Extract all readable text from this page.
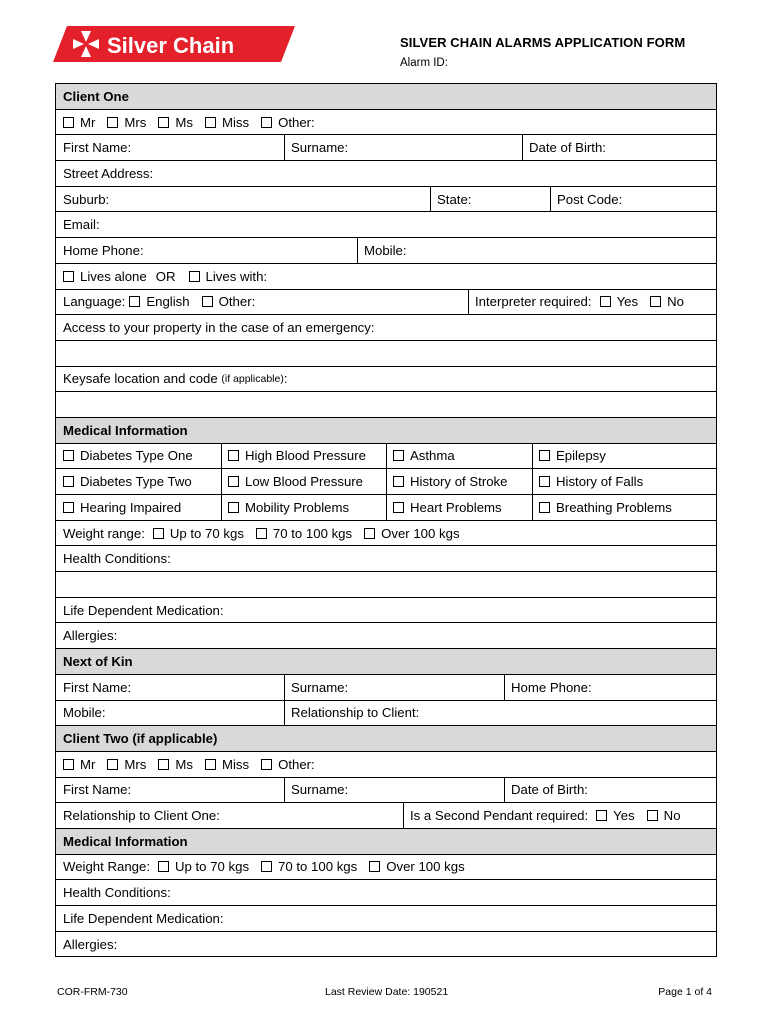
Silver Chain	SILVER CHAIN ALARMS APPLICATION FORM
Alarm ID:
Client One
Mr Mrs Ms Miss Other:
First Name:	Surname:	Date of Birth:
Street Address:
Suburb:	State:	Post Code:
Email:
Home Phone:	Mobile:
Lives alone OR Lives with:
Language: English Other:	Interpreter required: Yes No
Access to your property in the case of an emergency:
Keysafe location and code
(if applicable) :
Medical Information
Diabetes Type One	High Blood Pressure	Asthma	Epilepsy
Diabetes Type Two	Low Blood Pressure	History of Stroke	History of Falls
Hearing Impaired	Mobility Problems	Heart Problems	Breathing Problems
Weight range: Up to 70 kgs 70 to 100 kgs Over 100 kgs
Health Conditions:
Life Dependent Medication:
Allergies:
Next of Kin
First Name:	Surname:	Home Phone:
Mobile:	Relationship to Client:
Client Two (if applicable)
Mr Mrs Ms Miss Other:
First Name:	Surname:	Date of Birth:
Relationship to Client One:	Is a Second Pendant required: Yes No
Medical Information
Weight Range: Up to 70 kgs 70 to 100 kgs Over 100 kgs
Health Conditions:
Life Dependent Medication:
Allergies:
COR-FRM-730	Last Review Date: 190521	Page 1 of 4
